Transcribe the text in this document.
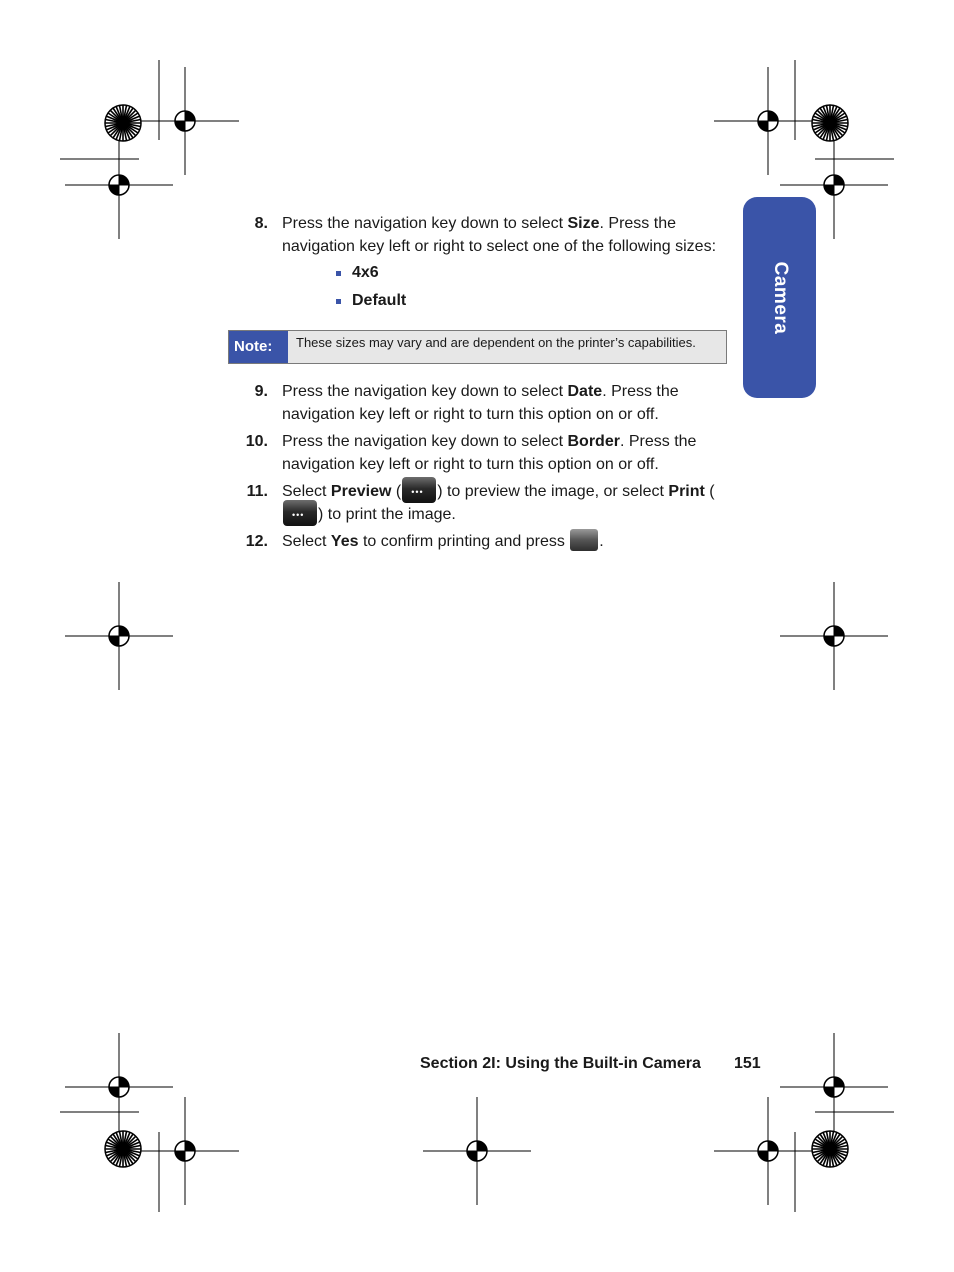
Camera
8. Press the navigation key down to select Size. Press the navigation key left or right to select one of the following sizes:
4x6
Default
Note:	These sizes may vary and are dependent on the printer’s capabilities.
9. Press the navigation key down to select Date. Press the navigation key left or right to turn this option on or off.
10. Press the navigation key down to select Border. Press the navigation key left or right to turn this option on or off.
11. Select Preview ( ••• ) to preview the image, or select Print (
••• ) to print the image.
12. Select Yes to confirm printing and press .
Section 2I: Using the Built-in Camera 151
